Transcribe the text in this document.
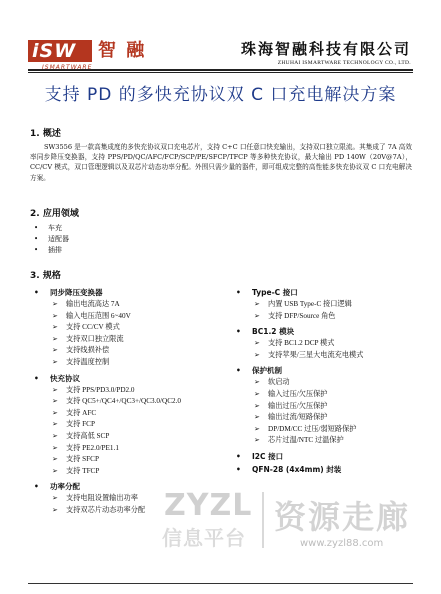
iSW	智 融
ISMARTWARE
珠海智融科技有限公司
ZHUHAI ISMARTWARE TECHNOLOGY CO., LTD.
支持 PD 的多快充协议双 C 口充电解决方案
1. 概述
SW3556 是一款高集成度的多快充协议双口充电芯片，支持 C+C 口任意口快充输出，支持双口独立限流。其集成了 7A 高效率同步降压变换器，支持 PPS/PD/QC/AFC/FCP/SCP/PE/SFCP/TFCP 等多种快充协议，最大输出 PD 140W（20V@7A），CC/CV 模式，双口管理逻辑以及双芯片动态功率分配。外围只需少量的器件，即可组成完整的高性能多快充协议双 C 口充电解决方案。
2. 应用领域
• 车充
• 适配器
• 插排
3. 规格
• 同步降压变换器
➢ 输出电流高达 7A
➢ 输入电压范围 6~40V
➢ 支持 CC/CV 模式
➢ 支持双口独立限流
➢ 支持线损补偿
➢ 支持温度控制
• 快充协议
➢ 支持 PPS/PD3.0/PD2.0
➢ 支持 QC5+/QC4+/QC3+/QC3.0/QC2.0
➢ 支持 AFC
➢ 支持 FCP
➢ 支持高低 SCP
➢ 支持 PE2.0/PE1.1
➢ 支持 SFCP
➢ 支持 TFCP
• 功率分配
➢ 支持电阻设置输出功率
➢ 支持双芯片动态功率分配
• Type-C 接口
➢ 内置 USB Type-C 接口逻辑
➢ 支持 DFP/Source 角色
• BC1.2 模块
➢ 支持 BC1.2 DCP 模式
➢ 支持苹果/三星大电流充电模式
• 保护机制
➢ 软启动
➢ 输入过压/欠压保护
➢ 输出过压/欠压保护
➢ 输出过流/短路保护
➢ DP/DM/CC 过压/弱短路保护
➢ 芯片过温/NTC 过温保护
• I2C 接口
• QFN-28 (4x4mm) 封装
ZYZL
信息平台
资源走廊
www.zyzl88.com
